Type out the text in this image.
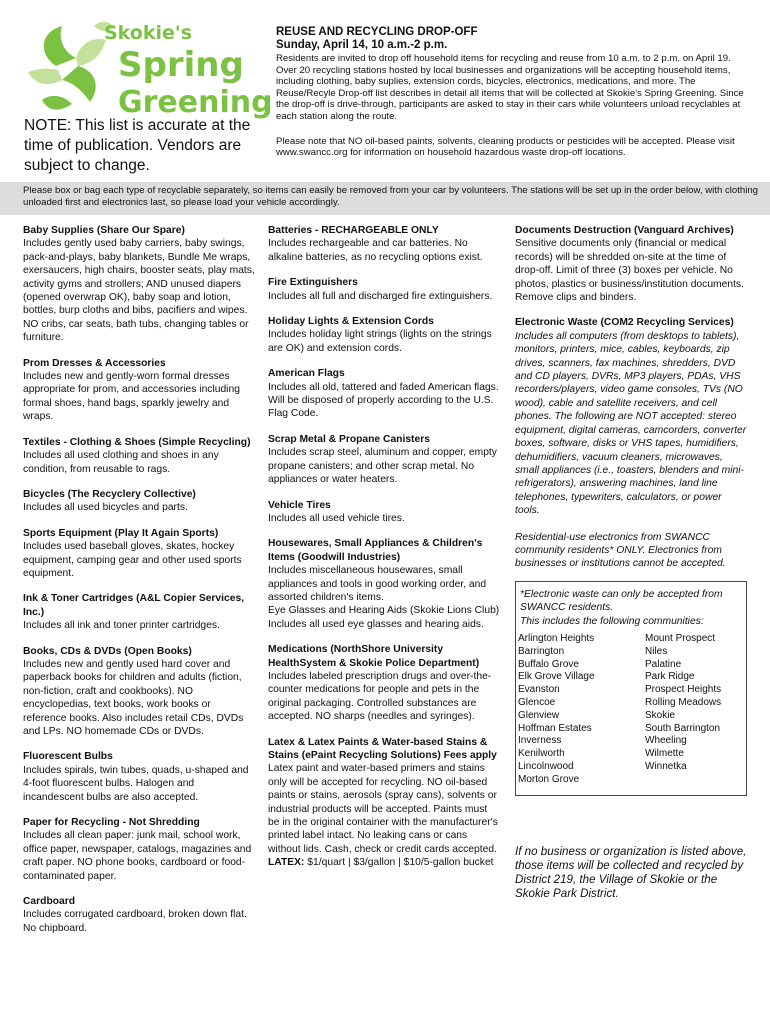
Skokie's
Spring
Greening
NOTE: This list is accurate at the time of publication. Vendors are subject to change.
REUSE AND RECYCLING DROP-OFF
Sunday, April 14, 10 a.m.-2 p.m.
Residents are invited to drop off household items for recycling and reuse from 10 a.m. to 2 p.m. on April 19. Over 20 recycling stations hosted by local businesses and organizations will be accepting household items, including clothing, baby suplies, extension cords, bicycles, electronics, medications, and more. The Reuse/Recyle Drop-off list describes in detail all items that will be collected at Skokie's Spring Greening. Since the drop-off is drive-through, participants are asked to stay in their cars while volunteers unload recyclables at each station along the route.
Please note that NO oil-based paints, solvents, cleaning products or pesticides will be accepted. Please visit www.swancc.org for information on household hazardous waste drop-off locations.
Please box or bag each type of recyclable separately, so items can easily be removed from your car by volunteers. The stations will be set up in the order below, with clothing unloaded first and electronics last, so please load your vehicle accordingly.
Baby Supplies (Share Our Spare)
Includes gently used baby carriers, baby swings, pack-and-plays, baby blankets, Bundle Me wraps, exersaucers, high chairs, booster seats, play mats, activity gyms and strollers; AND unused diapers (opened overwrap OK), baby soap and lotion, bottles, burp cloths and bibs, pacifiers and wipes. NO cribs, car seats, bath tubs, changing tables or furniture.
Prom Dresses & Accessories
Includes new and gently-worn formal dresses appropriate for prom, and accessories including formal shoes, hand bags, sparkly jewelry and wraps.
Textiles - Clothing & Shoes (Simple Recycling)
Includes all used clothing and shoes in any condition, from reusable to rags.
Bicycles (The Recyclery Collective)
Includes all used bicycles and parts.
Sports Equipment (Play It Again Sports)
Includes used baseball gloves, skates, hockey equipment, camping gear and other used sports equipment.
Ink & Toner Cartridges (A&L Copier Services, Inc.)
Includes all ink and toner printer cartridges.
Books, CDs & DVDs (Open Books)
Includes new and gently used hard cover and paperback books for children and adults (fiction, non-fiction, craft and cookbooks). NO encyclopedias, text books, work books or reference books. Also includes retail CDs, DVDs and LPs. NO homemade CDs or DVDs.
Fluorescent Bulbs
Includes spirals, twin tubes, quads, u-shaped and 4-foot fluorescent bulbs. Halogen and incandescent bulbs are also accepted.
Paper for Recycling - Not Shredding
Includes all clean paper: junk mail, school work, office paper, newspaper, catalogs, magazines and craft paper. NO phone books, cardboard or food-contaminated paper.
Cardboard
Includes corrugated cardboard, broken down flat. No chipboard.
Batteries - RECHARGEABLE ONLY
Includes rechargeable and car batteries. No alkaline batteries, as no recycling options exist.
Fire Extinguishers
Includes all full and discharged fire extinguishers.
Holiday Lights & Extension Cords
Includes holiday light strings (lights on the strings are OK) and extension cords.
American Flags
Includes all old, tattered and faded American flags. Will be disposed of properly according to the U.S. Flag Code.
Scrap Metal & Propane Canisters
Includes scrap steel, aluminum and copper, empty propane canisters; and other scrap metal. No appliances or water heaters.
Vehicle Tires
Includes all used vehicle tires.
Housewares, Small Appliances & Children's Items (Goodwill Industries)
Includes miscellaneous housewares, small appliances and tools in good working order, and assorted children's items.
Eye Glasses and Hearing Aids (Skokie Lions Club)
Includes all used eye glasses and hearing aids.
Medications (NorthShore University HealthSystem & Skokie Police Department)
Includes labeled prescription drugs and over-the-counter medications for people and pets in the original packaging. Controlled substances are accepted. NO sharps (needles and syringes).
Latex & Latex Paints & Water-based Stains & Stains (ePaint Recycling Solutions) Fees apply
Latex paint and water-based primers and stains only will be accepted for recycling. NO oil-based paints or stains, aerosols (spray cans), solvents or industrial products will be accepted. Paints must be in the original container with the manufacturer's printed label intact. No leaking cans or cans without lids. Cash, check or credit cards accepted.
LATEX: $1/quart | $3/gallon | $10/5-gallon bucket
Documents Destruction (Vanguard Archives)
Sensitive documents only (financial or medical records) will be shredded on-site at the time of drop-off. Limit of three (3) boxes per vehicle. No photos, plastics or business/institution documents. Remove clips and binders.
Electronic Waste (COM2 Recycling Services)
Includes all computers (from desktops to tablets), monitors, printers, mice, cables, keyboards, zip drives, scanners, fax machines, shredders, DVD and CD players, DVRs, MP3 players, PDAs, VHS recorders/players, video game consoles, TVs (NO wood), cable and satellite receivers, and cell phones. The following are NOT accepted: stereo equipment, digital cameras, camcorders, converter boxes, software, disks or VHS tapes, humidifiers, dehumidifiers, vacuum cleaners, microwaves, small appliances (i.e., toasters, blenders and mini-refrigerators), answering machines, land line telephones, typewriters, calculators, or power tools.
Residential-use electronics from SWANCC community residents* ONLY. Electronics from businesses or institutions cannot be accepted.
*Electronic waste can only be accepted from SWANCC residents.
This includes the following communities:
Arlington Heights
Barrington
Buffalo Grove
Elk Grove Village
Evanston
Glencoe
Glenview
Hoffman Estates
Inverness
Kenilworth
Lincolnwood
Morton Grove
Mount Prospect
Niles
Palatine
Park Ridge
Prospect Heights
Rolling Meadows
Skokie
South Barrington
Wheeling
Wilmette
Winnetka
If no business or organization is listed above, those items will be collected and recycled by District 219, the Village of Skokie or the Skokie Park District.
